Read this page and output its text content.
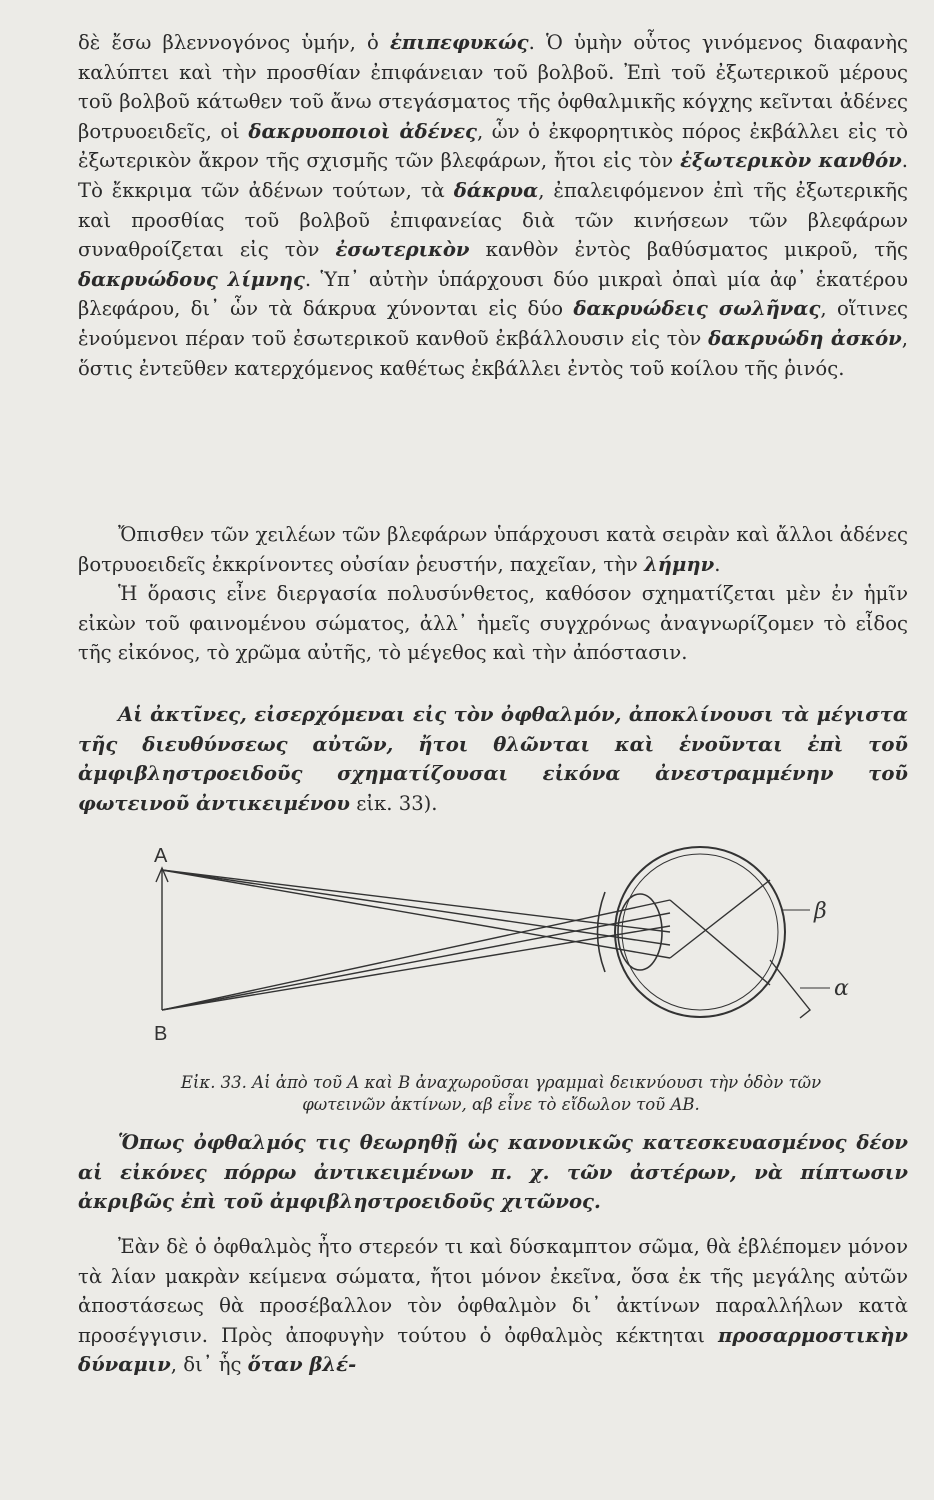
δὲ ἔσω βλεννογόνος ὑμήν, ὁ ἐπιπεφυκώς. Ὁ ὑμὴν οὗτος γινόμενος διαφανὴς καλύπτει καὶ τὴν προσθίαν ἐπιφάνειαν τοῦ βολβοῦ. Ἐπὶ τοῦ ἐξωτερικοῦ μέρους τοῦ βολβοῦ κάτωθεν τοῦ ἄνω στεγάσματος τῆς ὀφθαλμικῆς κόγχης κεῖνται ἀδένες βοτρυοειδεῖς, οἱ δακρυοποιοὶ ἀδένες, ὧν ὁ ἐκφορητικὸς πόρος ἐκβάλλει εἰς τὸ ἐξωτερικὸν ἄκρον τῆς σχισμῆς τῶν βλεφάρων, ἤτοι εἰς τὸν ἐξωτερικὸν κανθόν. Τὸ ἔκκριμα τῶν ἀδένων τούτων, τὰ δάκρυα, ἐπαλειφόμενον ἐπὶ τῆς ἐξωτερικῆς καὶ προσθίας τοῦ βολβοῦ ἐπιφανείας διὰ τῶν κινήσεων τῶν βλεφάρων συναθροίζεται εἰς τὸν ἐσωτερικὸν κανθὸν ἐντὸς βαθύσματος μικροῦ, τῆς δακρυώδους λίμνης. Ὑπ᾿ αὐτὴν ὑπάρχουσι δύο μικραὶ ὀπαὶ μία ἀφ᾿ ἑκατέρου βλεφάρου, δι᾿ ὧν τὰ δάκρυα χύνονται εἰς δύο δακρυώδεις σωλῆνας, οἵτινες ἑνούμενοι πέραν τοῦ ἐσωτερικοῦ κανθοῦ ἐκβάλλουσιν εἰς τὸν δακρυώδη ἀσκόν, ὅστις ἐντεῦθεν κατερχόμενος καθέτως ἐκβάλλει ἐντὸς τοῦ κοίλου τῆς ῥινός.

Ὄπισθεν τῶν χειλέων τῶν βλεφάρων ὑπάρχουσι κατὰ σειρὰν καὶ ἄλλοι ἀδένες βοτρυοειδεῖς ἐκκρίνοντες οὐσίαν ῥευστήν, παχεῖαν, τὴν λήμην.

Ἡ ὅρασις εἶνε διεργασία πολυσύνθετος, καθόσον σχηματίζεται μὲν ἐν ἡμῖν εἰκὼν τοῦ φαινομένου σώματος, ἀλλ᾿ ἡμεῖς συγχρόνως ἀναγνωρίζομεν τὸ εἶδος τῆς εἰκόνος, τὸ χρῶμα αὐτῆς, τὸ μέγεθος καὶ τὴν ἀπόστασιν.

Αἱ ἀκτῖνες, εἰσερχόμεναι εἰς τὸν ὀφθαλμόν, ἀποκλίνουσι τὰ μέγιστα τῆς διευθύνσεως αὐτῶν, ἤτοι θλῶνται καὶ ἑνοῦνται ἐπὶ τοῦ ἀμφιβληστροειδοῦς σχηματίζουσαι εἰκόνα ἀνεστραμμένην τοῦ φωτεινοῦ ἀντικειμένου εἰκ. 33).

A
B
β
α
Εἰκ. 33. Αἱ ἀπὸ τοῦ Α καὶ Β ἀναχωροῦσαι γραμμαὶ δεικνύουσι τὴν ὁδὸν τῶν
φωτεινῶν ἀκτίνων, αβ εἶνε τὸ εἴδωλον τοῦ ΑΒ.

Ὅπως ὀφθαλμός τις θεωρηθῇ ὡς κανονικῶς κατεσκευασμένος δέον αἱ εἰκόνες πόρρω ἀντικειμένων π. χ. τῶν ἀστέρων, νὰ πίπτωσιν ἀκριβῶς ἐπὶ τοῦ ἀμφιβληστροειδοῦς χιτῶνος.

Ἐὰν δὲ ὁ ὀφθαλμὸς ἦτο στερεόν τι καὶ δύσκαμπτον σῶμα, θὰ ἐβλέπομεν μόνον τὰ λίαν μακρὰν κείμενα σώματα, ἤτοι μόνον ἐκεῖνα, ὅσα ἐκ τῆς μεγάλης αὐτῶν ἀποστάσεως θὰ προσέβαλλον τὸν ὀφθαλμὸν δι᾿ ἀκτίνων παραλλήλων κατὰ προσέγγισιν. Πρὸς ἀποφυγὴν τούτου ὁ ὀφθαλμὸς κέκτηται προσαρμοστικὴν δύναμιν, δι᾿ ἧς ὅταν βλέ-
